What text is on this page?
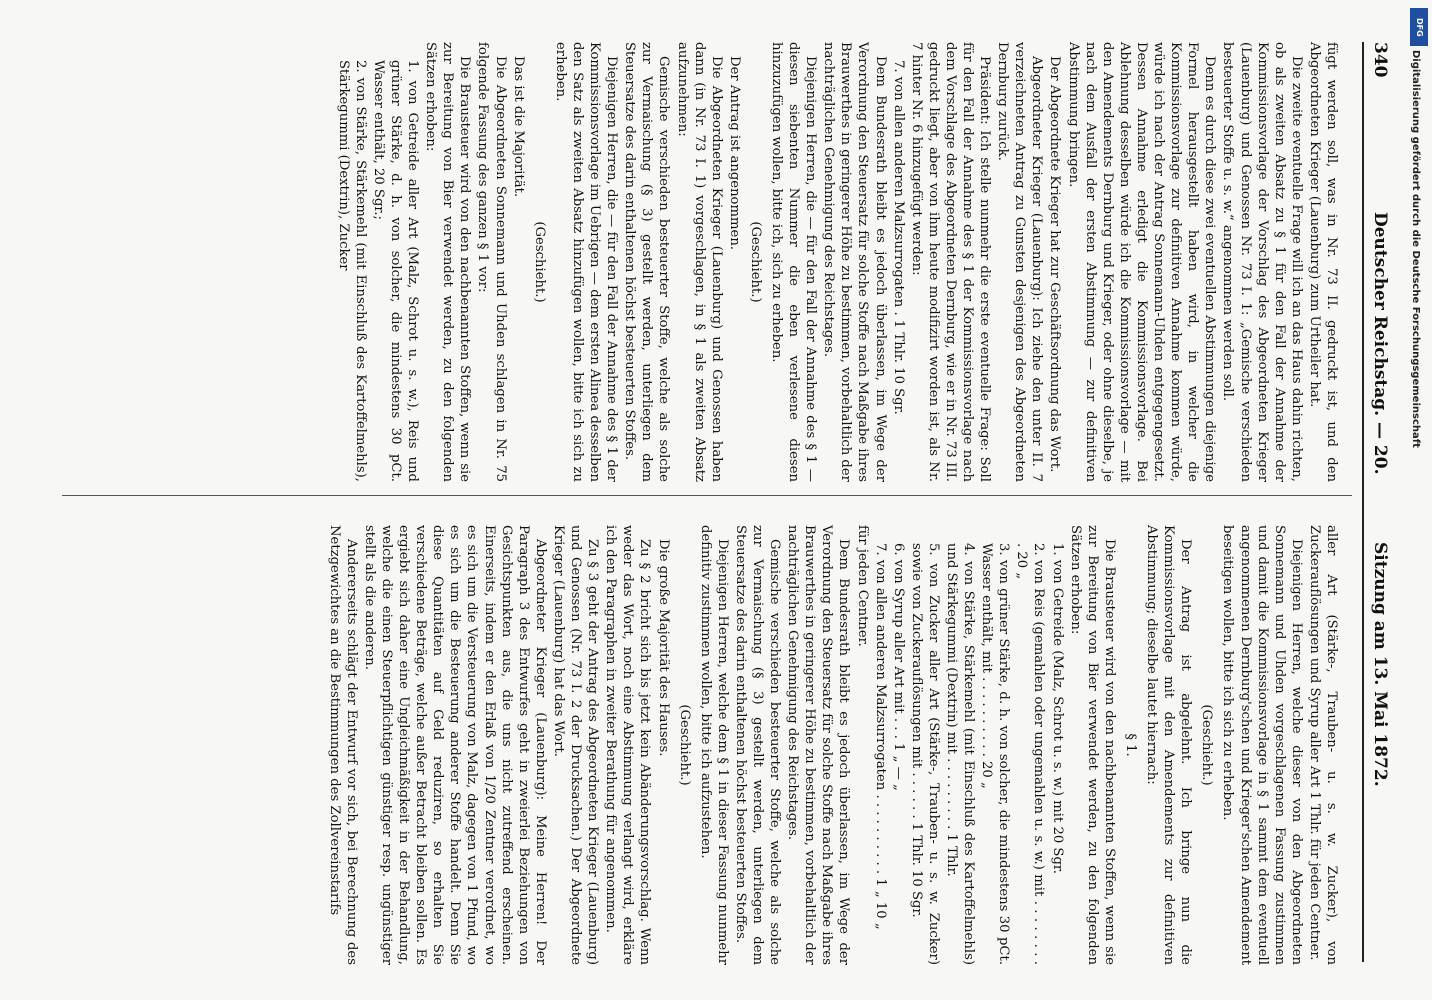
340
Deutscher Reichstag. — 20.
Sitzung am 13. Mai 1872.

fügt werden soll, was in Nr. 73 II. gedruckt ist, und den Abgeordneten Krieger (Lauenburg) zum Urtheiler hat.

Die zweite eventuelle Frage will ich an das Haus dahin richten, ob als zweiten Absatz zu § 1 für den Fall der Annahme der Kommissionsvorlage der Vorschlag des Abgeordneten Krieger (Lauenburg) und Genossen Nr. 73 I. 1: „Gemische verschieden besteuerter Stoffe u. s. w.“ angenommen werden soll.

Denn es durch diese zwei eventuellen Abstimmungen diejenige Formel herausgestellt haben wird, in welcher die Kommissionsvorlage zur definitiven Annahme kommen würde, würde ich nach der Antrag Sonnemann-Uhden entgegengesetzt. Dessen Annahme erledigt die Kommissionsvorlage. Bei Ablehnung desselben würde ich die Kommissionsvorlage — mit den Amendements Dernburg und Krieger, oder ohne dieselbe, je nach dem Ausfall der ersten Abstimmung — zur definitiven Abstimmung bringen.

Der Abgeordnete Krieger hat zur Geschäftsordnung das Wort.

Abgeordneter Krieger (Lauenburg): Ich ziehe den unter II. 7 verzeichneten Antrag zu Gunsten desjenigen des Abgeordneten Dernburg zurück.

Präsident: Ich stelle nunmehr die erste eventuelle Frage: Soll für den Fall der Annahme des § 1 der Kommissionsvorlage nach dem Vorschlage des Abgeordneten Dernburg, wie er in Nr. 73 III. gedruckt liegt, aber von ihm heute modifizirt worden ist, als Nr. 7 hinter Nr. 6 hinzugefügt werden:

7. von allen anderen Malzsurrogaten . 1 Thlr. 10 Sgr.

Dem Bundesrath bleibt es jedoch überlassen, im Wege der Verordnung den Steuersatz für solche Stoffe nach Maßgabe ihres Brauwerthes in geringerer Höhe zu bestimmen, vorbehaltlich der nachträglichen Genehmigung des Reichstages.

Diejenigen Herren, die — für den Fall der Annahme des § 1 — diesen siebenten Nummer die eben verlesene diesen hinzuzufügen wollen, bitte ich, sich zu erheben.

(Geschieht.)

Der Antrag ist angenommen.

Die Abgeordneten Krieger (Lauenburg) und Genossen haben dann (in Nr. 73 I. 1) vorgeschlagen, in § 1 als zweiten Absatz aufzunehmen:

Gemische verschieden besteuerter Stoffe, welche als solche zur Vermaischung (§ 3) gestellt werden, unterliegen dem Steuersatze des darin enthaltenen höchst besteuerten Stoffes.

Diejenigen Herren, die — für den Fall der Annahme des § 1 der Kommissionsvorlage im Uebrigen — dem ersten Alinea desselben den Satz als zweiten Absatz hinzufügen wollen, bitte ich sich zu erheben.

(Geschieht.)

Das ist die Majorität.

Die Abgeordneten Sonnemann und Uhden schlagen in Nr. 75 folgende Fassung des ganzen § 1 vor:

Die Brausteuer wird von den nachbenannten Stoffen, wenn sie zur Bereitung von Bier verwendet werden, zu den folgenden Sätzen erhoben:

1. von Getreide aller Art (Malz, Schrot u. s. w.), Reis und grüner Stärke, d. h. von solcher, die mindestens 30 pCt. Wasser enthält, 20 Sgr.;

2. von Stärke, Stärkemehl (mit Einschluß des Kartoffelmehls), Stärkegummi (Dextrin), Zucker

aller Art (Stärke-, Trauben- u. s. w. Zucker), von Zuckerauflösungen und Syrup aller Art 1 Thlr. für jeden Centner.

Diejenigen Herren, welche dieser von den Abgeordneten Sonnemann und Uhden vorgeschlagenen Fassung zustimmen und damit die Kommissionsvorlage in § 1 sammt dem eventuell angenommenen Dernburg'schen und Krieger'schen Amendement beseitigen wollen, bitte ich sich zu erheben.

(Geschieht.)

Der Antrag ist abgelehnt. Ich bringe nun die Kommissionsvorlage mit den Amendements zur definitiven Abstimmung; dieselbe lautet hiernach:

§ 1.

Die Brausteuer wird von den nachbenannten Stoffen, wenn sie zur Bereitung von Bier verwendet werden, zu den folgenden Sätzen erhoben:

1. von Getreide (Malz, Schrot u. s. w.) mit 20 Sgr.

2. von Reis (gemahlen oder ungemahlen u. s. w.) mit . . . . . . . . . 20 „

3. von grüner Stärke, d. h. von solcher, die mindestens 30 pCt. Wasser enthält, mit . . . . . . . . . . 20 „

4. von Stärke, Stärkemehl (mit Einschluß des Kartoffelmehls) und Stärkegummi (Dextrin) mit . . . . . . . . . 1 Thlr.

5. von Zucker aller Art (Stärke-, Trauben- u. s. w. Zucker) sowie von Zuckerauflösungen mit . . . . . . 1 Thlr. 10 Sgr.

6. von Syrup aller Art mit . . . 1 „ — „

7. von allen anderen Malzsurrogaten . . . . . . . . . . 1 „ 10 „

für jeden Centner.

Dem Bundesrath bleibt es jedoch überlassen, im Wege der Verordnung den Steuersatz für solche Stoffe nach Maßgabe ihres Brauwerthes in geringerer Höhe zu bestimmen, vorbehaltlich der nachträglichen Genehmigung des Reichstages.

Gemische verschieden besteuerter Stoffe, welche als solche zur Vermaischung (§ 3) gestellt werden, unterliegen dem Steuersatze des darin enthaltenen höchst besteuerten Stoffes.

Diejenigen Herren, welche dem § 1 in dieser Fassung nunmehr definitiv zustimmen wollen, bitte ich aufzustehen.

(Geschieht.)

Die große Majorität des Hauses.

Zu § 2 bricht sich bis jetzt kein Abänderungsvorschlag. Wenn weder das Wort, noch eine Abstimmung verlangt wird, erkläre ich den Paragraphen in zweiter Berathung für angenommen.

Zu § 3 geht der Antrag des Abgeordneten Krieger (Lauenburg) und Genossen (Nr. 73 I. 2 der Drucksachen.) Der Abgeordnete Krieger (Lauenburg) hat das Wort.

Abgeordneter Krieger (Lauenburg): Meine Herren! Der Paragraph 3 des Entwurfes geht in zweierlei Beziehungen von Gesichtspunkten aus, die uns nicht zutreffend erscheinen. Einerseits, indem er den Erlaß von 1/20 Zentner verordnet, wo es sich um die Versteuerung von Malz, dagegen von 1 Pfund, wo es sich um die Besteuerung anderer Stoffe handelt. Denn Sie diese Quantitäten auf Geld reduziren, so erhalten Sie verschiedene Beträge, welche außer Betracht bleiben sollen. Es ergiebt sich daher eine Ungleichmäßigkeit in der Behandlung, welche die einen Steuerpflichtigen günstiger resp. ungünstiger stellt als die anderen.

Andererseits schlägt der Entwurf vor sich, bei Berechnung des Netzgewichtes an die Bestimmungen des Zollvereinstarifs

DFG
Digitalisierung gefördert durch die Deutsche Forschungsgemeinschaft
